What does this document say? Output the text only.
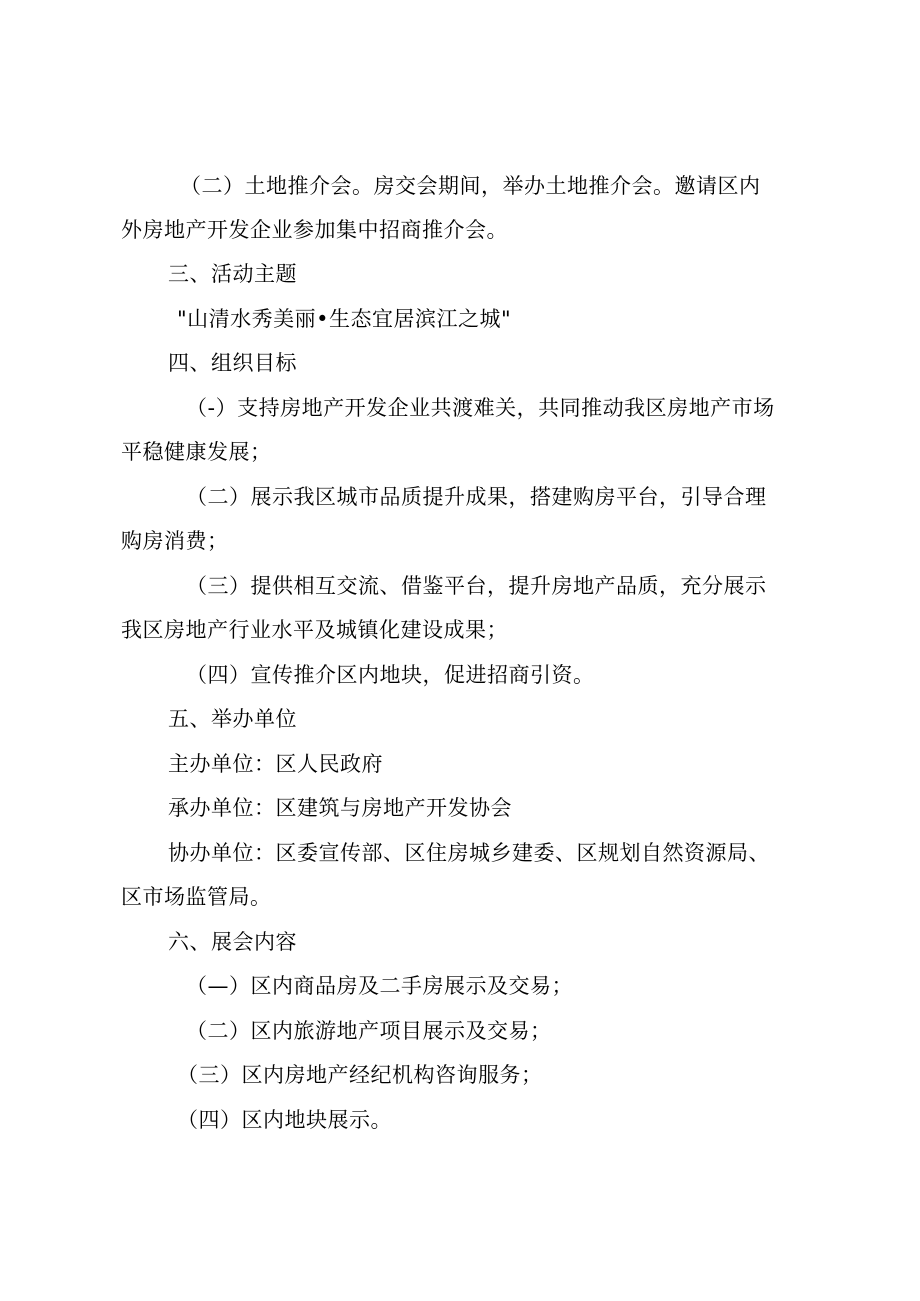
（二）土地推介会。房交会期间，举办土地推介会。邀请区内
外房地产开发企业参加集中招商推介会。
三、活动主题
"山清水秀美丽•生态宜居滨江之城"
四、组织目标
（-）支持房地产开发企业共渡难关，共同推动我区房地产市场
平稳健康发展；
（二）展示我区城市品质提升成果，搭建购房平台，引导合理
购房消费；
（三）提供相互交流、借鉴平台，提升房地产品质，充分展示
我区房地产行业水平及城镇化建设成果；
（四）宣传推介区内地块，促进招商引资。
五、举办单位
主办单位：区人民政府
承办单位：区建筑与房地产开发协会
协办单位：区委宣传部、区住房城乡建委、区规划自然资源局、
区市场监管局。
六、展会内容
（—）区内商品房及二手房展示及交易；
（二）区内旅游地产项目展示及交易；
（三）区内房地产经纪机构咨询服务；
（四）区内地块展示。
